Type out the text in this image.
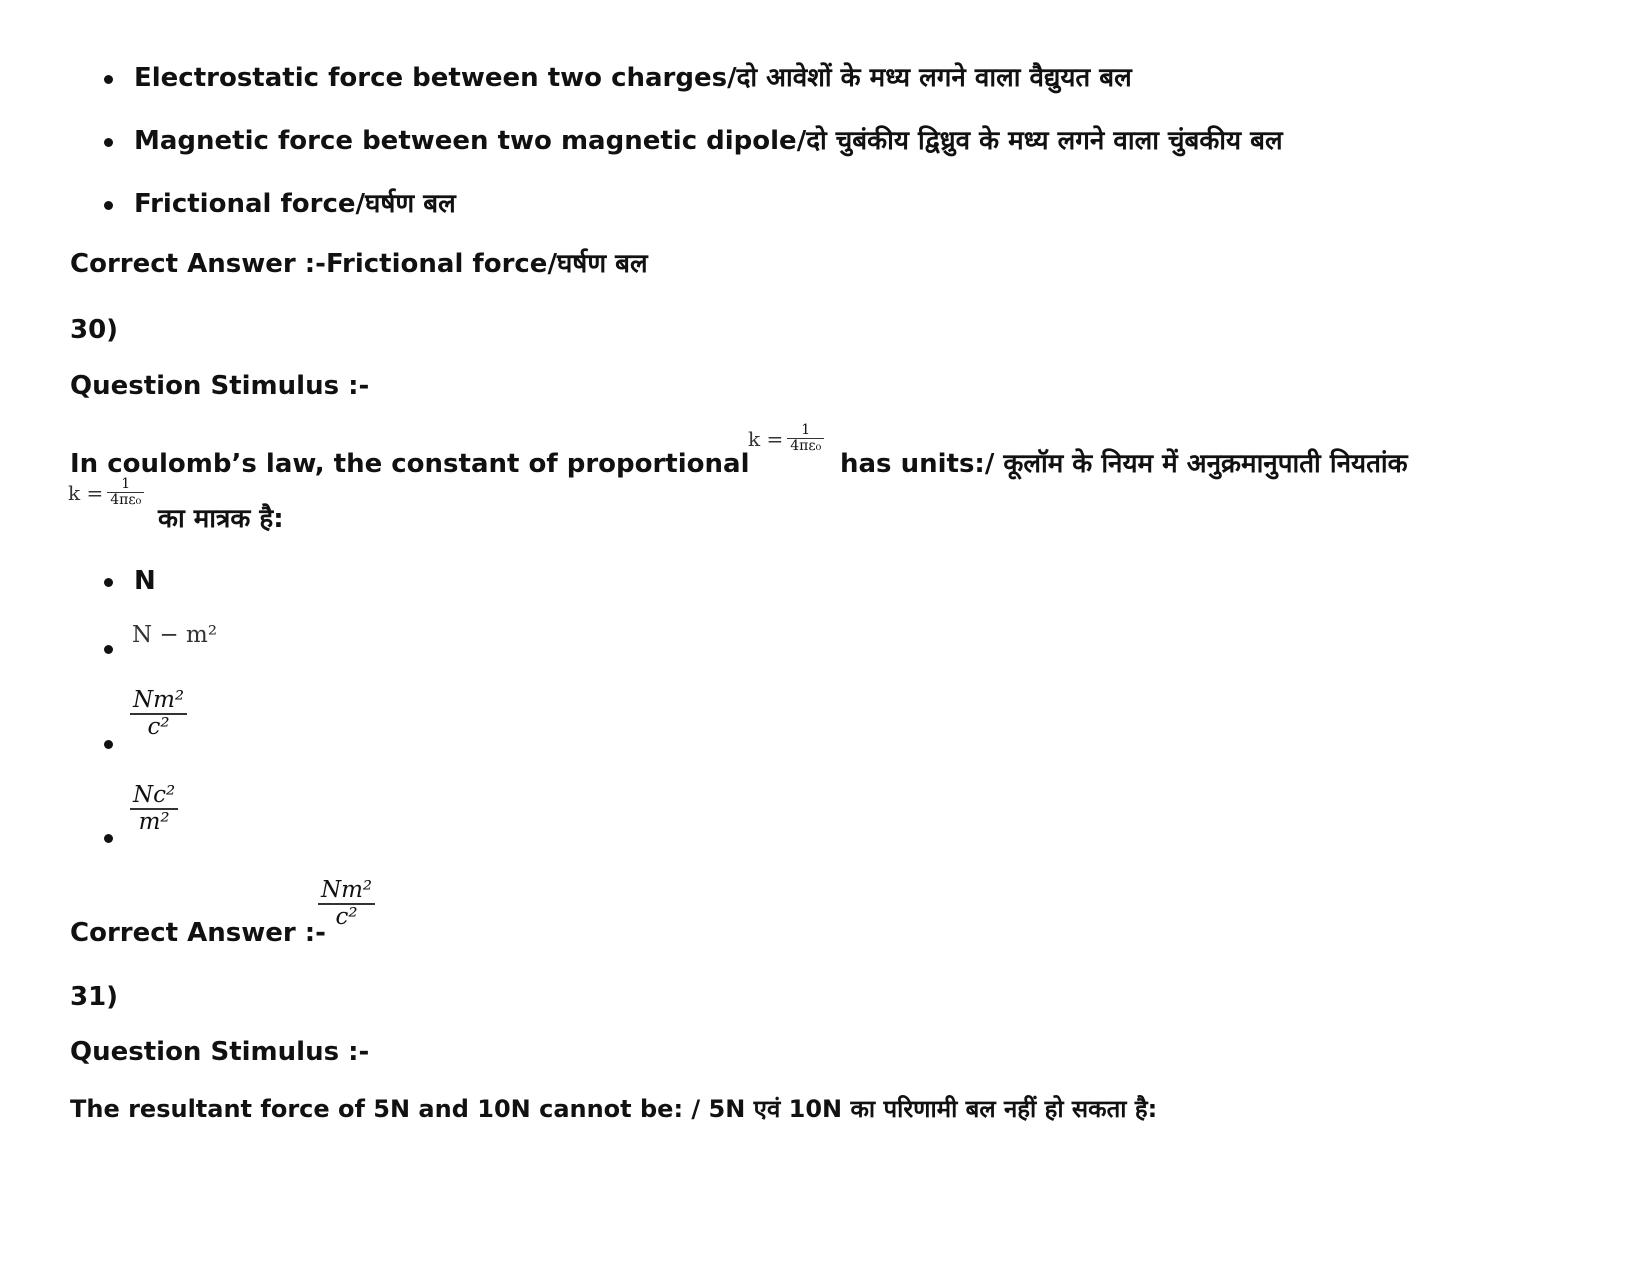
Electrostatic force between two charges/दो आवेशों के मध्य लगने वाला वैद्युयत बल
Magnetic force between two magnetic dipole/दो चुबंकीय द्विध्रुव के मध्य लगने वाला चुंबकीय बल
Frictional force/घर्षण बल
Correct Answer :-Frictional force/घर्षण बल
30)
Question Stimulus :-
In coulomb’s law, the constant of proportional
$k = \frac{1}{\text{4πε₀}}$
has units:/ कूलॉम के नियम में अनुक्रमानुपाती नियतांक
$k = \frac{1}{\text{4πε₀}}$
का मात्रक है:
N
N − m²
$\frac{\text{Nm²}}{\text{c²}}$
$\frac{\text{Nc²}}{\text{m²}}$
Correct Answer :-
$\frac{\text{Nm²}}{\text{c²}}$
31)
Question Stimulus :-
The resultant force of 5N and 10N cannot be: / 5N एवं 10N का परिणामी बल नहीं हो सकता है:
